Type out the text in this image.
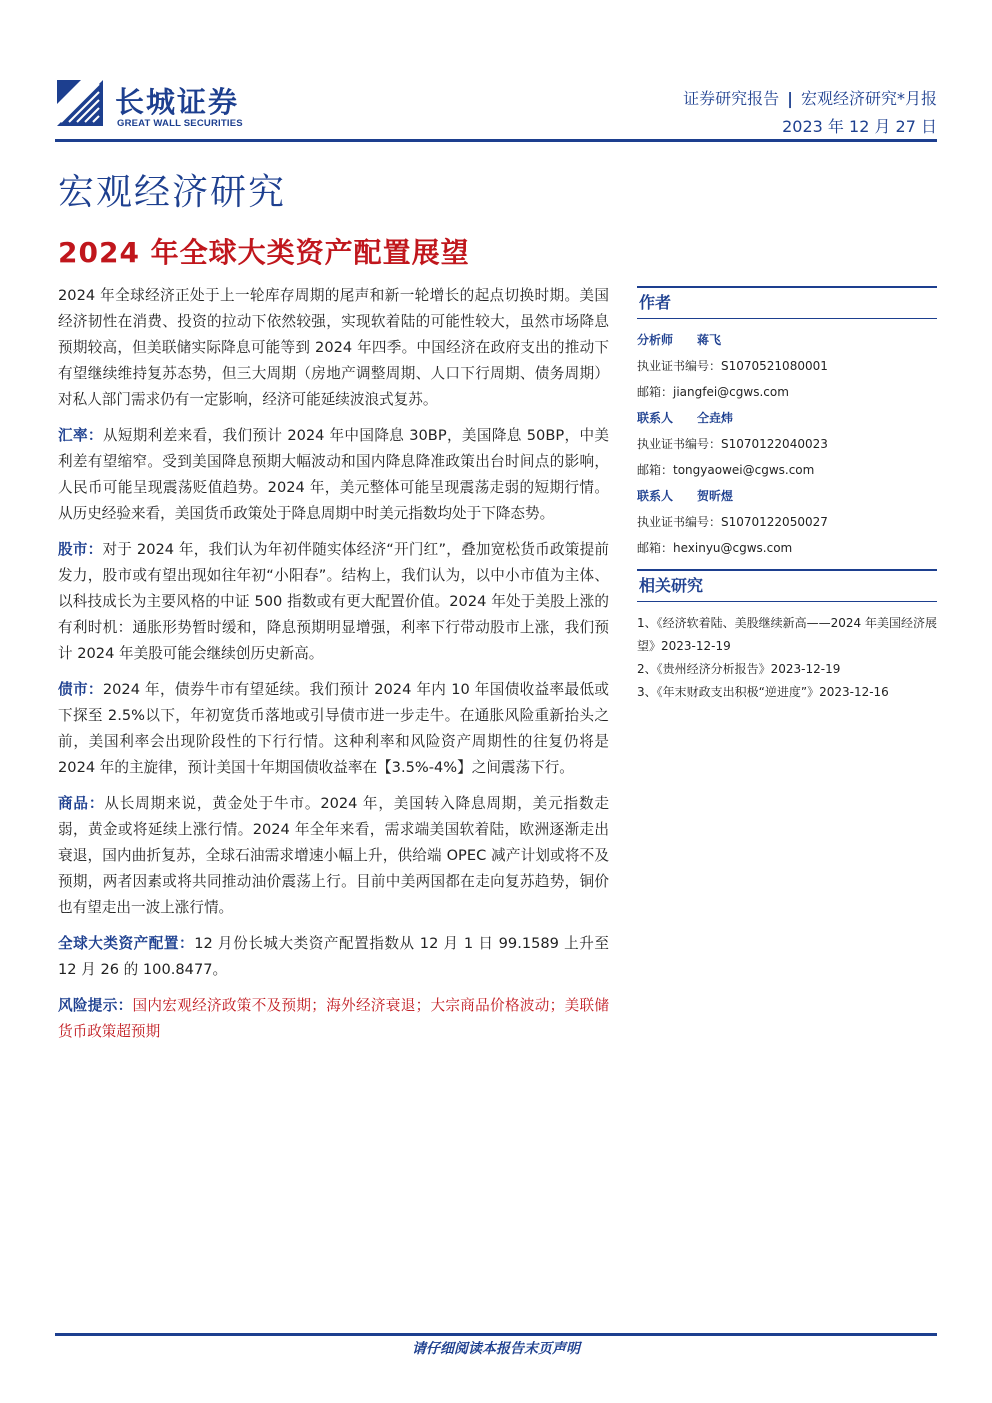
长城证券
GREAT WALL SECURITIES
证券研究报告 | 宏观经济研究*月报
2023 年 12 月 27 日
宏观经济研究
2024 年全球大类资产配置展望

2024 年全球经济正处于上一轮库存周期的尾声和新一轮增长的起点切换时期。美国经济韧性在消费、投资的拉动下依然较强，实现软着陆的可能性较大，虽然市场降息预期较高，但美联储实际降息可能等到 2024 年四季。中国经济在政府支出的推动下有望继续维持复苏态势，但三大周期（房地产调整周期、人口下行周期、债务周期）对私人部门需求仍有一定影响，经济可能延续波浪式复苏。

汇率：从短期利差来看，我们预计 2024 年中国降息 30BP，美国降息 50BP，中美利差有望缩窄。受到美国降息预期大幅波动和国内降息降准政策出台时间点的影响，人民币可能呈现震荡贬值趋势。2024 年，美元整体可能呈现震荡走弱的短期行情。从历史经验来看，美国货币政策处于降息周期中时美元指数均处于下降态势。

股市：对于 2024 年，我们认为年初伴随实体经济“开门红”，叠加宽松货币政策提前发力，股市或有望出现如往年初“小阳春”。结构上，我们认为，以中小市值为主体、以科技成长为主要风格的中证 500 指数或有更大配置价值。2024 年处于美股上涨的有利时机：通胀形势暂时缓和，降息预期明显增强，利率下行带动股市上涨，我们预计 2024 年美股可能会继续创历史新高。

债市：2024 年，债券牛市有望延续。我们预计 2024 年内 10 年国债收益率最低或下探至 2.5%以下，年初宽货币落地或引导债市进一步走牛。在通胀风险重新抬头之前，美国利率会出现阶段性的下行行情。这种利率和风险资产周期性的往复仍将是 2024 年的主旋律，预计美国十年期国债收益率在【3.5%-4%】之间震荡下行。

商品：从长周期来说，黄金处于牛市。2024 年，美国转入降息周期，美元指数走弱，黄金或将延续上涨行情。2024 年全年来看，需求端美国软着陆，欧洲逐渐走出衰退，国内曲折复苏，全球石油需求增速小幅上升，供给端 OPEC 减产计划或将不及预期，两者因素或将共同推动油价震荡上行。目前中美两国都在走向复苏趋势，铜价也有望走出一波上涨行情。

全球大类资产配置：12 月份长城大类资产配置指数从 12 月 1 日 99.1589 上升至 12 月 26 的 100.8477。

风险提示：国内宏观经济政策不及预期；海外经济衰退；大宗商品价格波动；美联储货币政策超预期

作者
分析师 蒋飞
执业证书编号：S1070521080001
邮箱：jiangfei@cgws.com
联系人 仝垚炜
执业证书编号：S1070122040023
邮箱：tongyaowei@cgws.com
联系人 贺昕煜
执业证书编号：S1070122050027
邮箱：hexinyu@cgws.com
相关研究
1、《经济软着陆、美股继续新高——2024 年美国经济展望》2023-12-19
2、《贵州经济分析报告》2023-12-19
3、《年末财政支出积极“逆进度”》2023-12-16
请仔细阅读本报告末页声明
